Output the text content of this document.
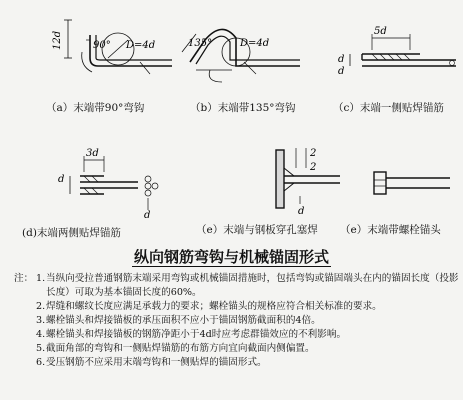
12d	90° D=4d	135°	D=4d
5d
d
d
3d
d
d
2
2
d
（a）末端带90°弯钩	（b）末端带135°弯钩	（c）末端一侧贴焊锚筋
(d)末端两侧贴焊锚筋	（e）末端与钢板穿孔塞焊 （e）末端带螺栓锚头
纵向钢筋弯钩与机械锚固形式
注： 1. 当纵向受拉普通钢筋末端采用弯钩或机械锚固措施时，包括弯钩或锚固端头在内的锚固长度（投影长度）可取为基本锚固长度的60%。
2. 焊缝和螺纹长度应满足承载力的要求；螺栓锚头的规格应符合相关标准的要求。
3. 螺栓锚头和焊接锚板的承压面积不应小于锚固钢筋截面积的4倍。
4. 螺栓锚头和焊接锚板的钢筋净距小于4d时应考虑群锚效应的不利影响。
5. 截面角部的弯钩和一侧贴焊锚筋的布筋方向宜向截面内侧偏置。
6. 受压钢筋不应采用末端弯钩和一侧贴焊的锚固形式。
